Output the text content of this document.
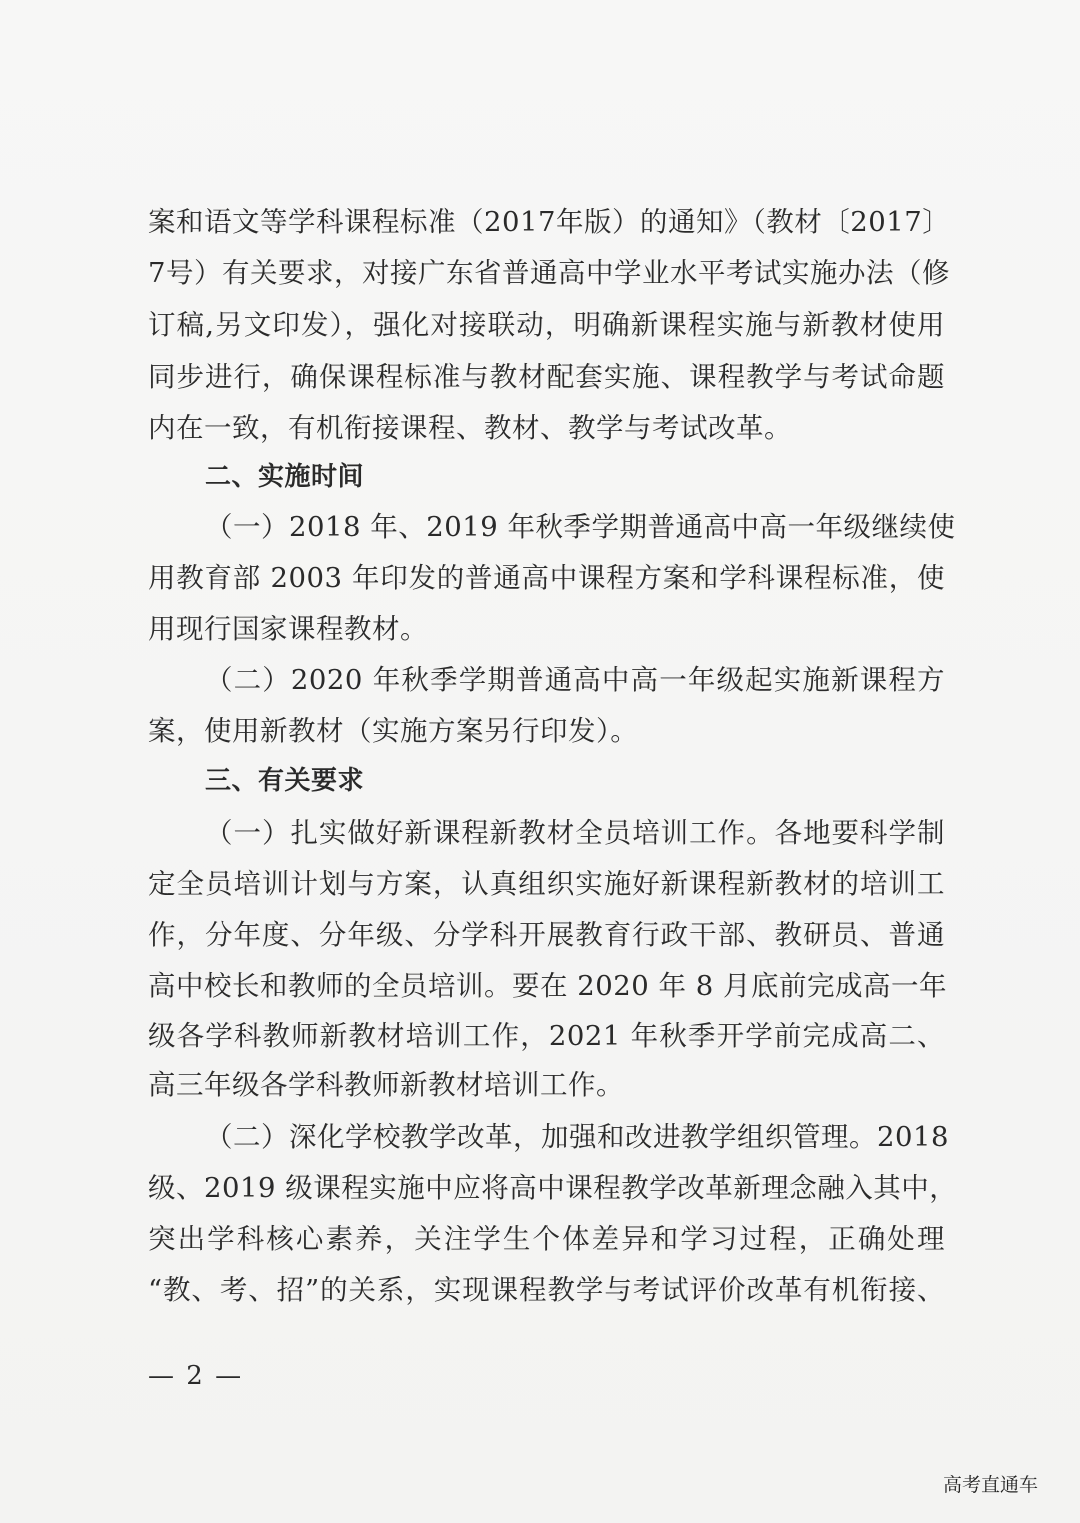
案和语文等学科课程标准（2017年版）的通知》（教材〔2017〕
7号）有关要求，对接广东省普通高中学业水平考试实施办法（修
订稿,另文印发），强化对接联动，明确新课程实施与新教材使用
同步进行，确保课程标准与教材配套实施、课程教学与考试命题
内在一致，有机衔接课程、教材、教学与考试改革。
二、实施时间
（一）2018 年、2019 年秋季学期普通高中高一年级继续使
用教育部 2003 年印发的普通高中课程方案和学科课程标准，使
用现行国家课程教材。
（二）2020 年秋季学期普通高中高一年级起实施新课程方
案，使用新教材（实施方案另行印发）。
三、有关要求
（一）扎实做好新课程新教材全员培训工作。各地要科学制
定全员培训计划与方案，认真组织实施好新课程新教材的培训工
作，分年度、分年级、分学科开展教育行政干部、教研员、普通
高中校长和教师的全员培训。要在 2020 年 8 月底前完成高一年
级各学科教师新教材培训工作，2021 年秋季开学前完成高二、
高三年级各学科教师新教材培训工作。
（二）深化学校教学改革，加强和改进教学组织管理。2018
级、2019 级课程实施中应将高中课程教学改革新理念融入其中，
突出学科核心素养，关注学生个体差异和学习过程，正确处理
“教、考、招”的关系，实现课程教学与考试评价改革有机衔接、
— 2 —
高考直通车
